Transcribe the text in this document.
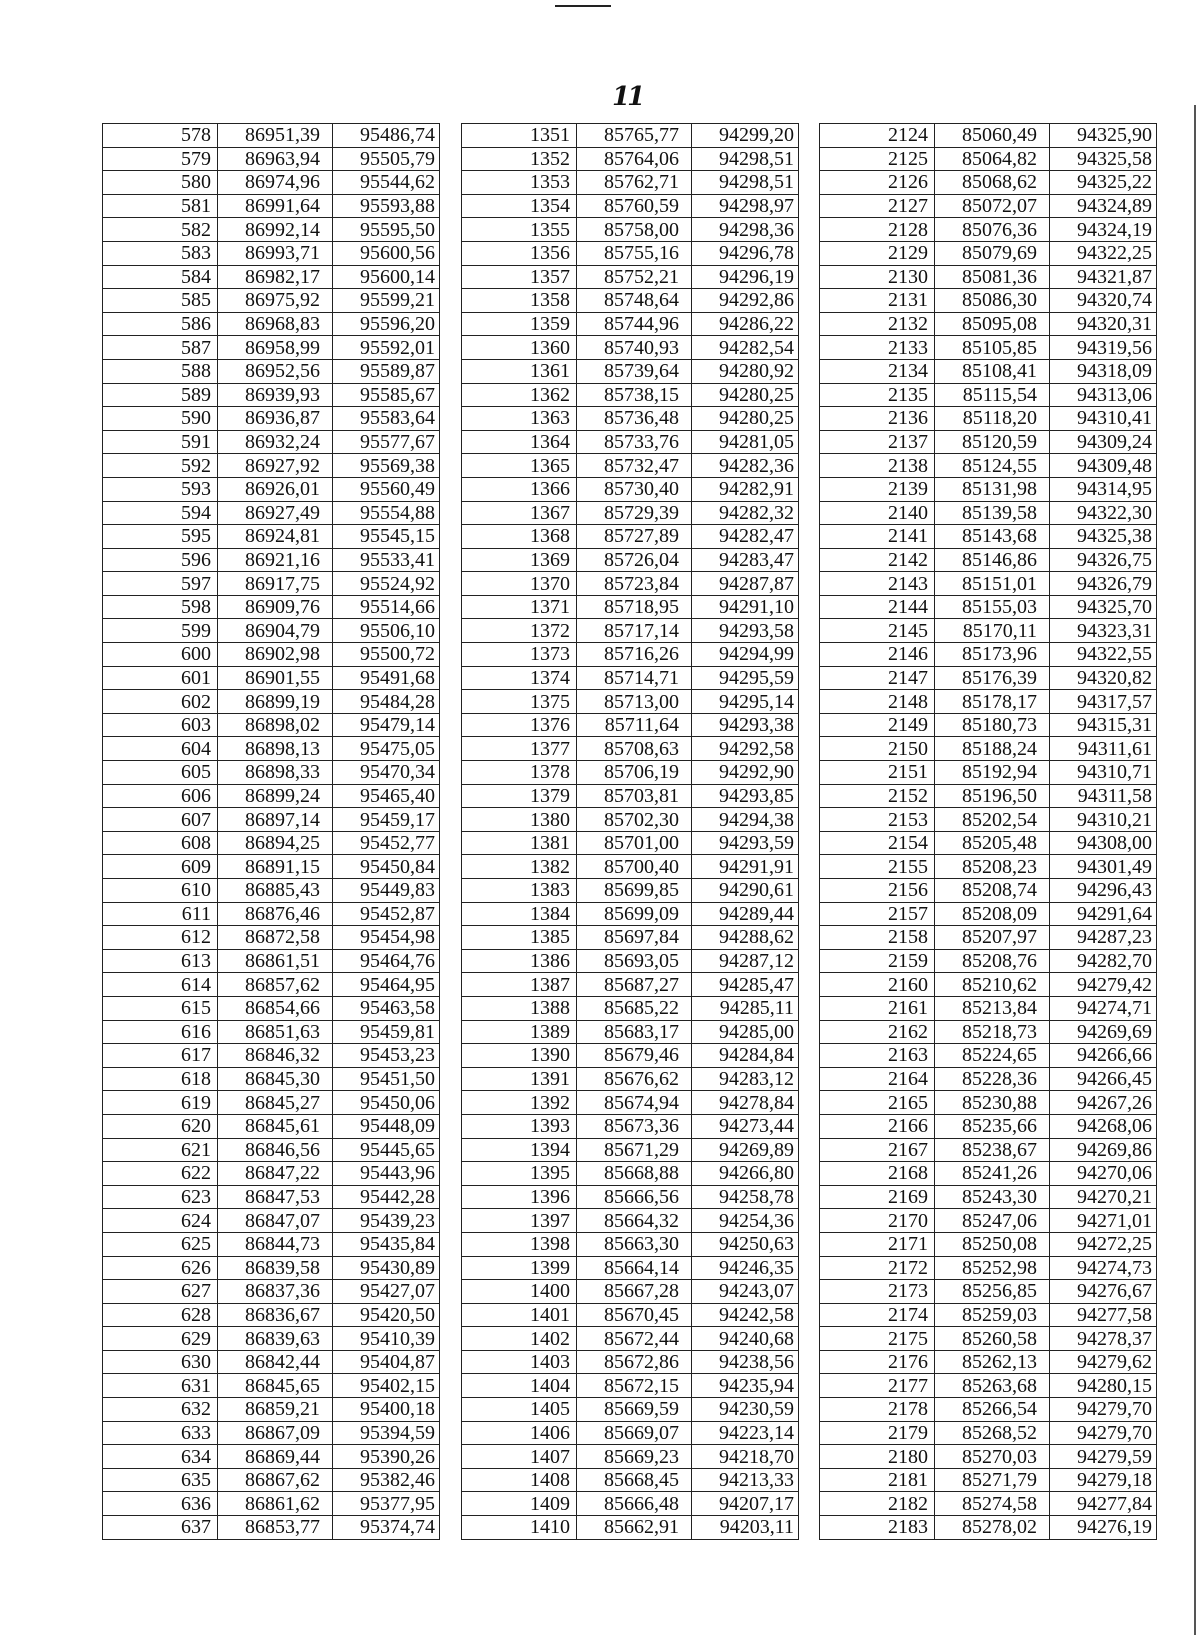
11
578	86951,39	95486,74
579	86963,94	95505,79
580	86974,96	95544,62
581	86991,64	95593,88
582	86992,14	95595,50
583	86993,71	95600,56
584	86982,17	95600,14
585	86975,92	95599,21
586	86968,83	95596,20
587	86958,99	95592,01
588	86952,56	95589,87
589	86939,93	95585,67
590	86936,87	95583,64
591	86932,24	95577,67
592	86927,92	95569,38
593	86926,01	95560,49
594	86927,49	95554,88
595	86924,81	95545,15
596	86921,16	95533,41
597	86917,75	95524,92
598	86909,76	95514,66
599	86904,79	95506,10
600	86902,98	95500,72
601	86901,55	95491,68
602	86899,19	95484,28
603	86898,02	95479,14
604	86898,13	95475,05
605	86898,33	95470,34
606	86899,24	95465,40
607	86897,14	95459,17
608	86894,25	95452,77
609	86891,15	95450,84
610	86885,43	95449,83
611	86876,46	95452,87
612	86872,58	95454,98
613	86861,51	95464,76
614	86857,62	95464,95
615	86854,66	95463,58
616	86851,63	95459,81
617	86846,32	95453,23
618	86845,30	95451,50
619	86845,27	95450,06
620	86845,61	95448,09
621	86846,56	95445,65
622	86847,22	95443,96
623	86847,53	95442,28
624	86847,07	95439,23
625	86844,73	95435,84
626	86839,58	95430,89
627	86837,36	95427,07
628	86836,67	95420,50
629	86839,63	95410,39
630	86842,44	95404,87
631	86845,65	95402,15
632	86859,21	95400,18
633	86867,09	95394,59
634	86869,44	95390,26
635	86867,62	95382,46
636	86861,62	95377,95
637	86853,77	95374,74
1351	85765,77	94299,20
1352	85764,06	94298,51
1353	85762,71	94298,51
1354	85760,59	94298,97
1355	85758,00	94298,36
1356	85755,16	94296,78
1357	85752,21	94296,19
1358	85748,64	94292,86
1359	85744,96	94286,22
1360	85740,93	94282,54
1361	85739,64	94280,92
1362	85738,15	94280,25
1363	85736,48	94280,25
1364	85733,76	94281,05
1365	85732,47	94282,36
1366	85730,40	94282,91
1367	85729,39	94282,32
1368	85727,89	94282,47
1369	85726,04	94283,47
1370	85723,84	94287,87
1371	85718,95	94291,10
1372	85717,14	94293,58
1373	85716,26	94294,99
1374	85714,71	94295,59
1375	85713,00	94295,14
1376	85711,64	94293,38
1377	85708,63	94292,58
1378	85706,19	94292,90
1379	85703,81	94293,85
1380	85702,30	94294,38
1381	85701,00	94293,59
1382	85700,40	94291,91
1383	85699,85	94290,61
1384	85699,09	94289,44
1385	85697,84	94288,62
1386	85693,05	94287,12
1387	85687,27	94285,47
1388	85685,22	94285,11
1389	85683,17	94285,00
1390	85679,46	94284,84
1391	85676,62	94283,12
1392	85674,94	94278,84
1393	85673,36	94273,44
1394	85671,29	94269,89
1395	85668,88	94266,80
1396	85666,56	94258,78
1397	85664,32	94254,36
1398	85663,30	94250,63
1399	85664,14	94246,35
1400	85667,28	94243,07
1401	85670,45	94242,58
1402	85672,44	94240,68
1403	85672,86	94238,56
1404	85672,15	94235,94
1405	85669,59	94230,59
1406	85669,07	94223,14
1407	85669,23	94218,70
1408	85668,45	94213,33
1409	85666,48	94207,17
1410	85662,91	94203,11
2124	85060,49	94325,90
2125	85064,82	94325,58
2126	85068,62	94325,22
2127	85072,07	94324,89
2128	85076,36	94324,19
2129	85079,69	94322,25
2130	85081,36	94321,87
2131	85086,30	94320,74
2132	85095,08	94320,31
2133	85105,85	94319,56
2134	85108,41	94318,09
2135	85115,54	94313,06
2136	85118,20	94310,41
2137	85120,59	94309,24
2138	85124,55	94309,48
2139	85131,98	94314,95
2140	85139,58	94322,30
2141	85143,68	94325,38
2142	85146,86	94326,75
2143	85151,01	94326,79
2144	85155,03	94325,70
2145	85170,11	94323,31
2146	85173,96	94322,55
2147	85176,39	94320,82
2148	85178,17	94317,57
2149	85180,73	94315,31
2150	85188,24	94311,61
2151	85192,94	94310,71
2152	85196,50	94311,58
2153	85202,54	94310,21
2154	85205,48	94308,00
2155	85208,23	94301,49
2156	85208,74	94296,43
2157	85208,09	94291,64
2158	85207,97	94287,23
2159	85208,76	94282,70
2160	85210,62	94279,42
2161	85213,84	94274,71
2162	85218,73	94269,69
2163	85224,65	94266,66
2164	85228,36	94266,45
2165	85230,88	94267,26
2166	85235,66	94268,06
2167	85238,67	94269,86
2168	85241,26	94270,06
2169	85243,30	94270,21
2170	85247,06	94271,01
2171	85250,08	94272,25
2172	85252,98	94274,73
2173	85256,85	94276,67
2174	85259,03	94277,58
2175	85260,58	94278,37
2176	85262,13	94279,62
2177	85263,68	94280,15
2178	85266,54	94279,70
2179	85268,52	94279,70
2180	85270,03	94279,59
2181	85271,79	94279,18
2182	85274,58	94277,84
2183	85278,02	94276,19
